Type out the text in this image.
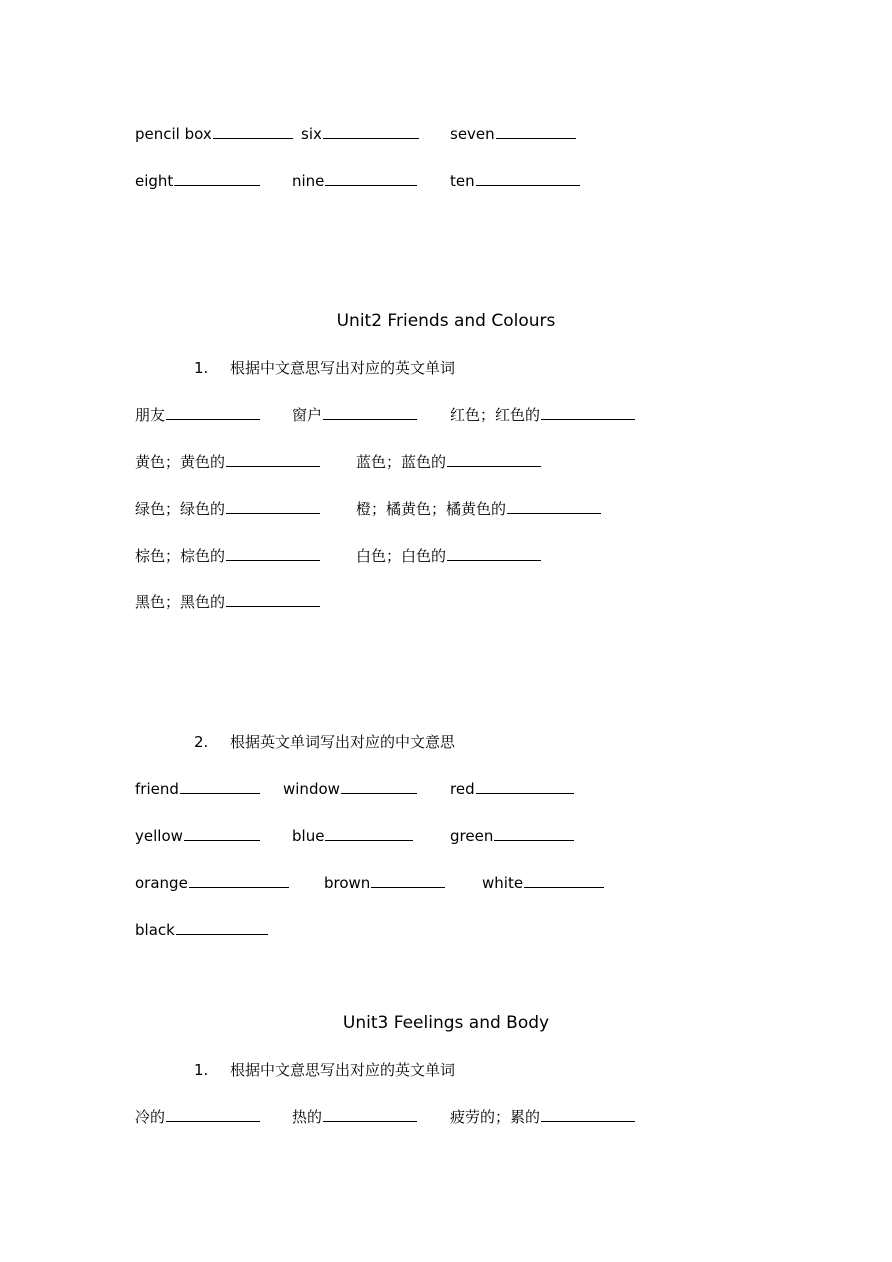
pencil box	six	seven
eight	nine	ten
Unit2 Friends and Colours
1. 根据中文意思写出对应的英文单词
朋友	窗户	红色；红色的
黄色；黄色的	蓝色；蓝色的
绿色；绿色的	橙；橘黄色；橘黄色的
棕色；棕色的	白色；白色的
黑色；黑色的
2. 根据英文单词写出对应的中文意思
friend	window	red
yellow	blue	green
orange	brown	white
black
Unit3 Feelings and Body
1. 根据中文意思写出对应的英文单词
冷的	热的	疲劳的；累的
